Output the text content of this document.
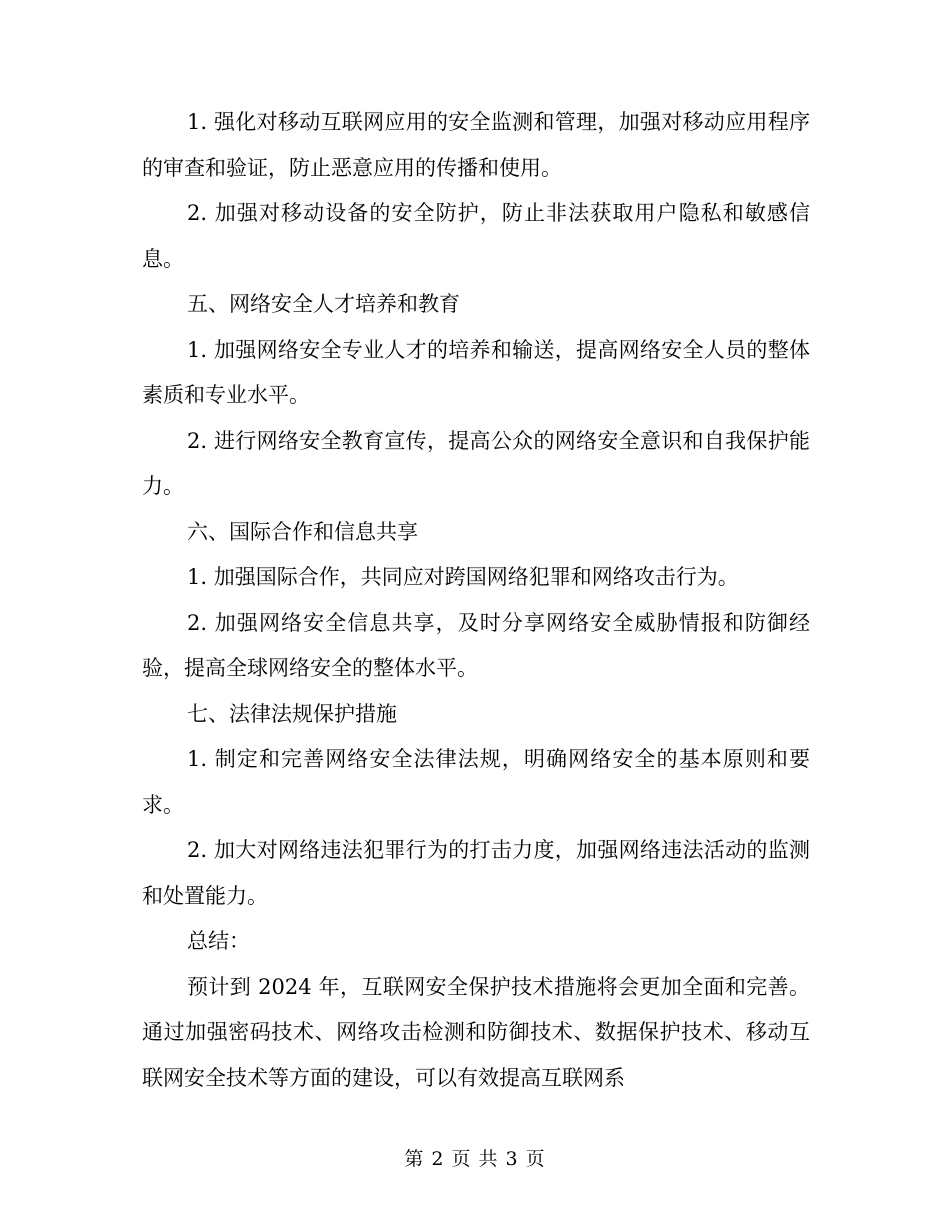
1. 强化对移动互联网应用的安全监测和管理，加强对移动应用程序的审查和验证，防止恶意应用的传播和使用。

2. 加强对移动设备的安全防护，防止非法获取用户隐私和敏感信息。

五、网络安全人才培养和教育

1. 加强网络安全专业人才的培养和输送，提高网络安全人员的整体素质和专业水平。

2. 进行网络安全教育宣传，提高公众的网络安全意识和自我保护能力。

六、国际合作和信息共享

1. 加强国际合作，共同应对跨国网络犯罪和网络攻击行为。

2. 加强网络安全信息共享，及时分享网络安全威胁情报和防御经验，提高全球网络安全的整体水平。

七、法律法规保护措施

1. 制定和完善网络安全法律法规，明确网络安全的基本原则和要求。

2. 加大对网络违法犯罪行为的打击力度，加强网络违法活动的监测和处置能力。

总结：

预计到 2024 年，互联网安全保护技术措施将会更加全面和完善。通过加强密码技术、网络攻击检测和防御技术、数据保护技术、移动互联网安全技术等方面的建设，可以有效提高互联网系

第 2 页 共 3 页
